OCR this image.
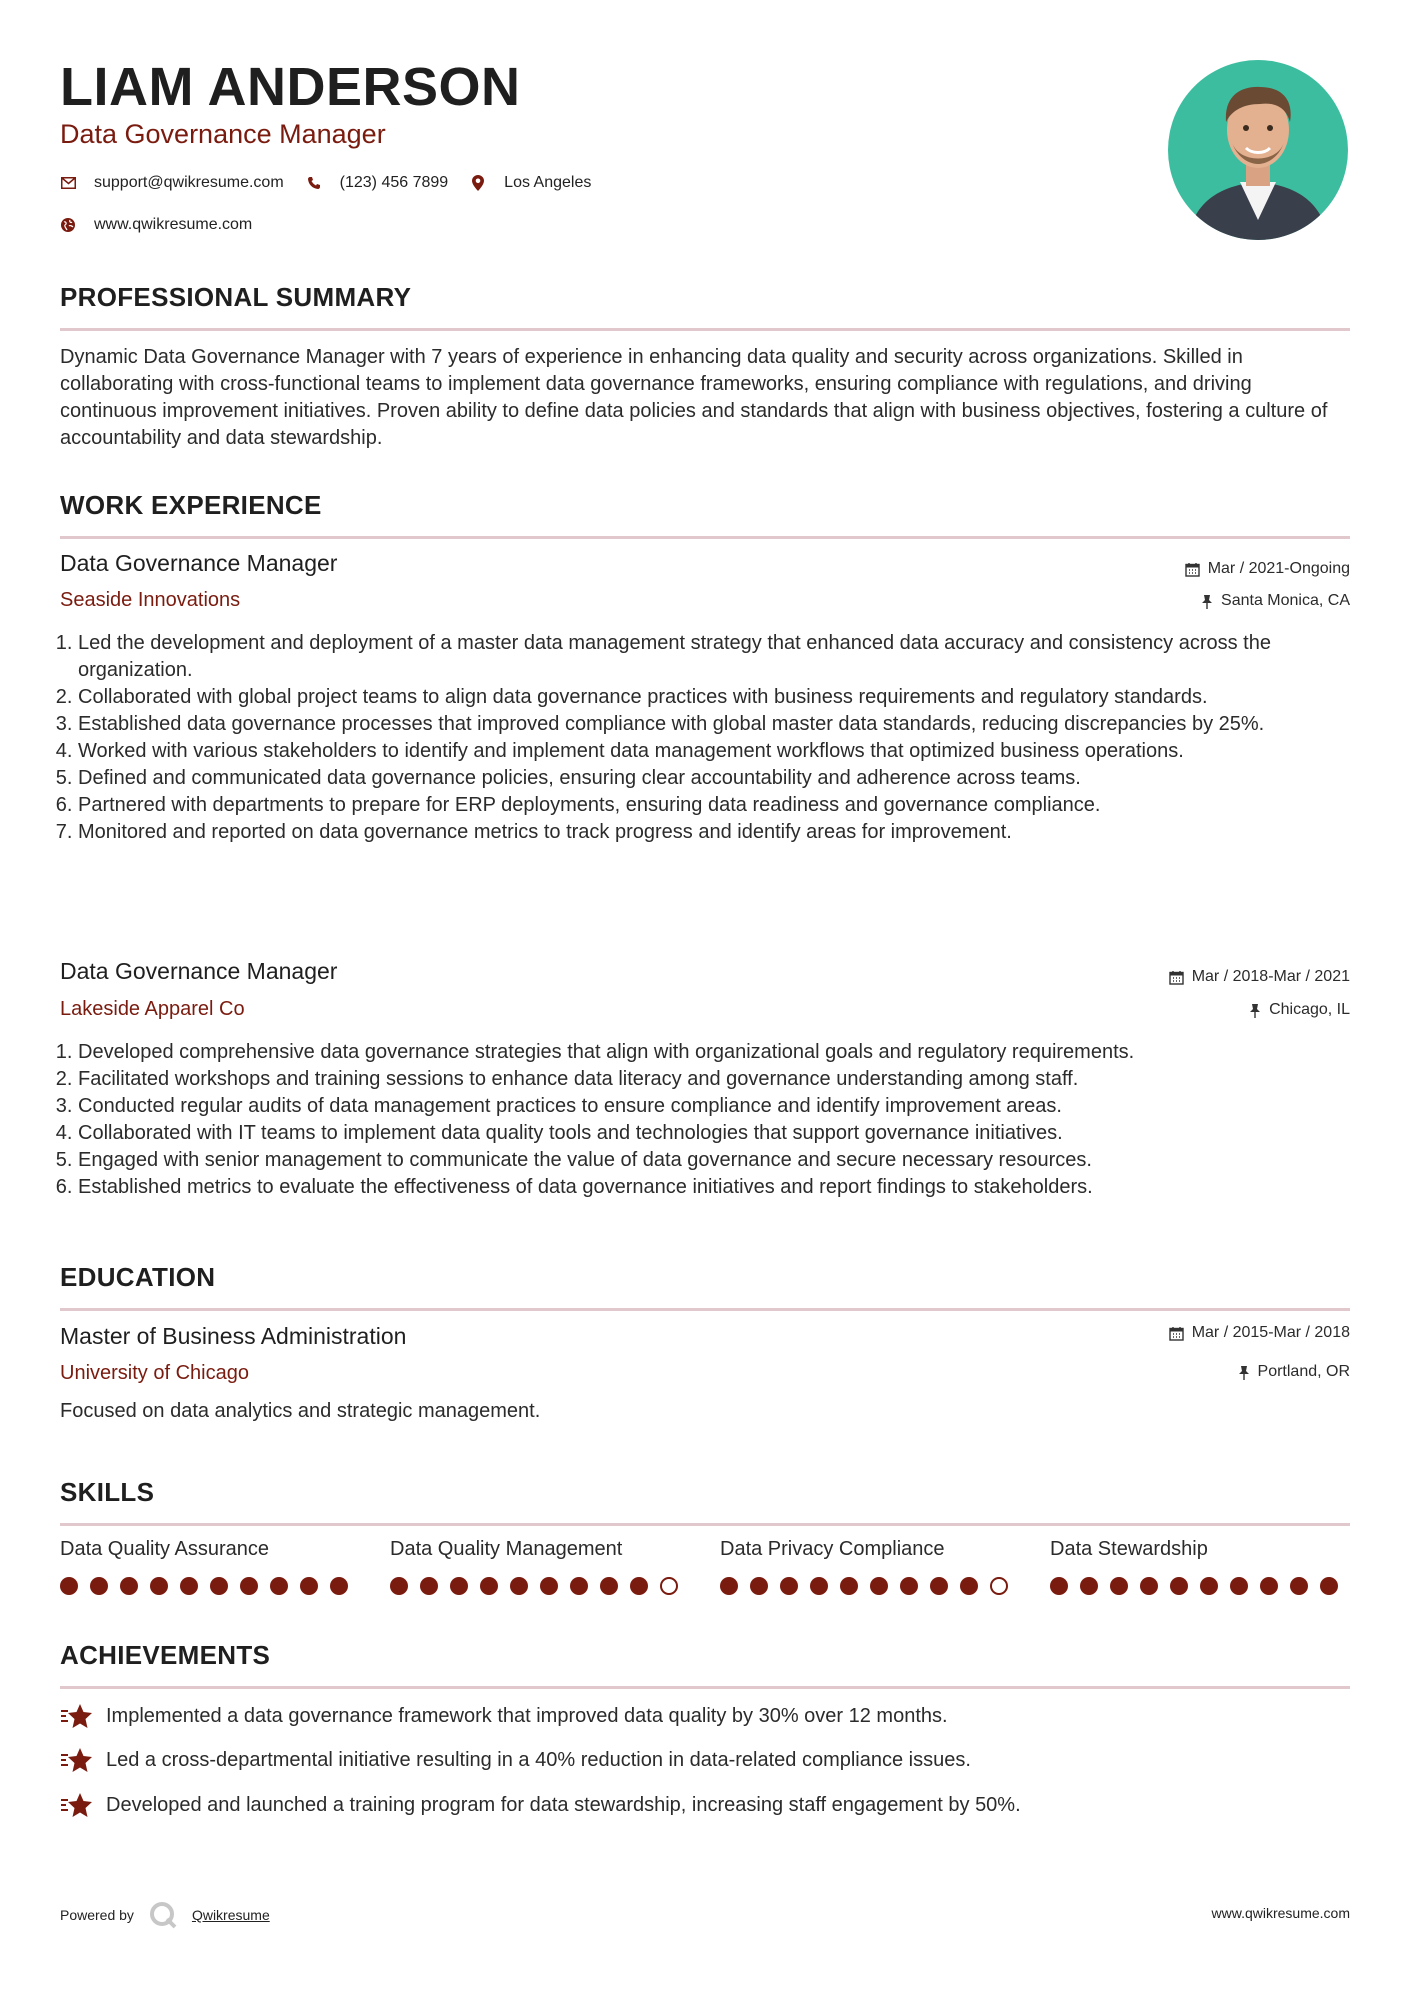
LIAM ANDERSON
Data Governance Manager
support@qwikresume.com	(123) 456 7899	Los Angeles
www.qwikresume.com
PROFESSIONAL SUMMARY
Dynamic Data Governance Manager with 7 years of experience in enhancing data quality and security across organizations. Skilled in collaborating with cross-functional teams to implement data governance frameworks, ensuring compliance with regulations, and driving continuous improvement initiatives. Proven ability to define data policies and standards that align with business objectives, fostering a culture of accountability and data stewardship.
WORK EXPERIENCE
Data Governance Manager
Seaside Innovations
Mar / 2021-Ongoing
Santa Monica, CA
1. Led the development and deployment of a master data management strategy that enhanced data accuracy and consistency across the organization.
2. Collaborated with global project teams to align data governance practices with business requirements and regulatory standards.
3. Established data governance processes that improved compliance with global master data standards, reducing discrepancies by 25%.
4. Worked with various stakeholders to identify and implement data management workflows that optimized business operations.
5. Defined and communicated data governance policies, ensuring clear accountability and adherence across teams.
6. Partnered with departments to prepare for ERP deployments, ensuring data readiness and governance compliance.
7. Monitored and reported on data governance metrics to track progress and identify areas for improvement.
Data Governance Manager
Lakeside Apparel Co
Mar / 2018-Mar / 2021
Chicago, IL
1. Developed comprehensive data governance strategies that align with organizational goals and regulatory requirements.
2. Facilitated workshops and training sessions to enhance data literacy and governance understanding among staff.
3. Conducted regular audits of data management practices to ensure compliance and identify improvement areas.
4. Collaborated with IT teams to implement data quality tools and technologies that support governance initiatives.
5. Engaged with senior management to communicate the value of data governance and secure necessary resources.
6. Established metrics to evaluate the effectiveness of data governance initiatives and report findings to stakeholders.
EDUCATION
Master of Business Administration
University of Chicago
Mar / 2015-Mar / 2018
Portland, OR
Focused on data analytics and strategic management.
SKILLS
Data Quality Assurance	Data Quality Management	Data Privacy Compliance	Data Stewardship
ACHIEVEMENTS
Implemented a data governance framework that improved data quality by 30% over 12 months.
Led a cross-departmental initiative resulting in a 40% reduction in data-related compliance issues.
Developed and launched a training program for data stewardship, increasing staff engagement by 50%.
Powered by	Qwikresume	www.qwikresume.com
